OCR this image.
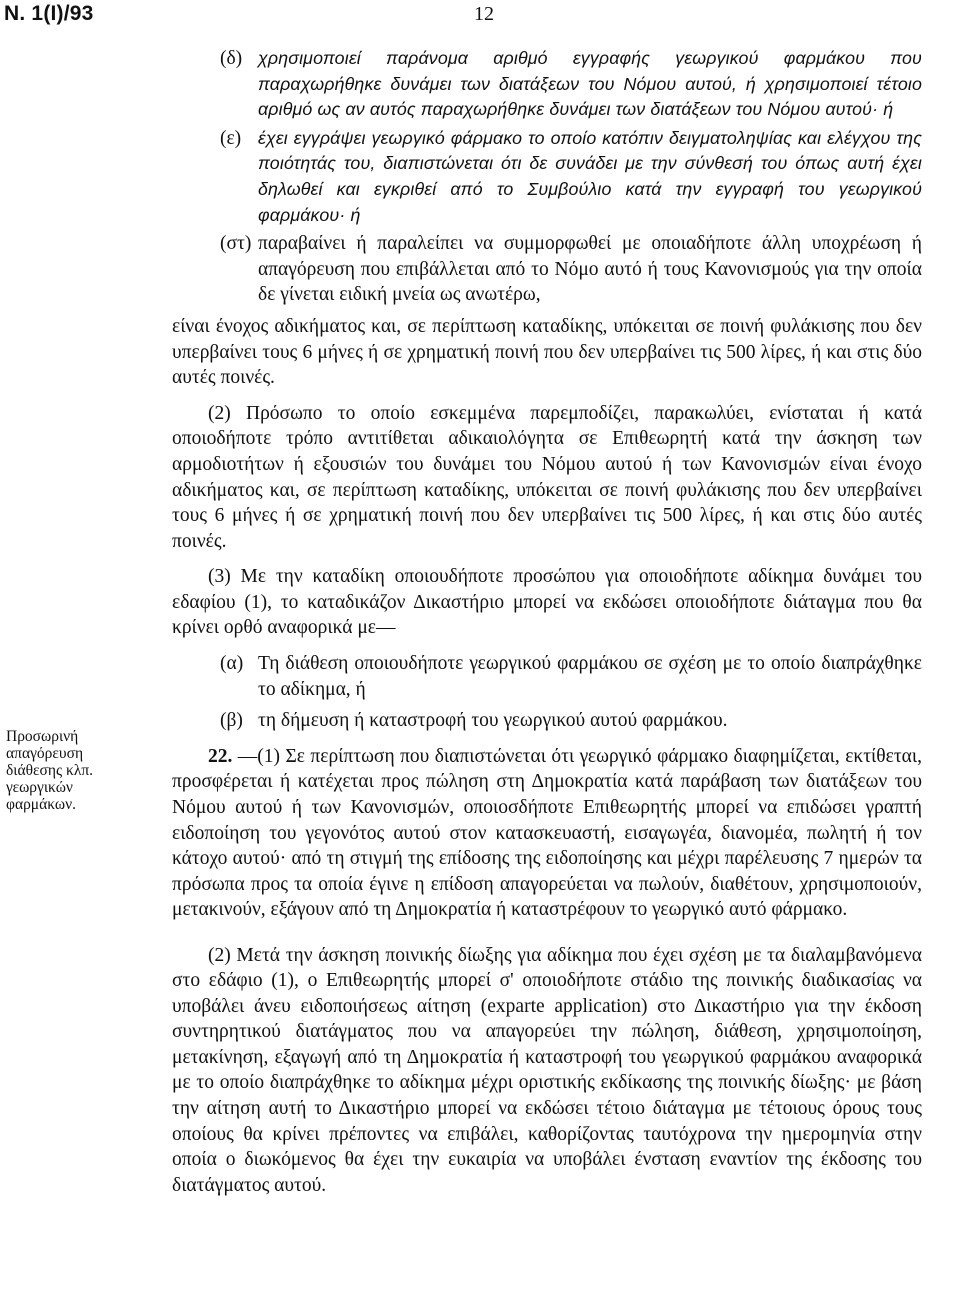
N. 1(I)/93	12
Προσωρινή
απαγόρευση
διάθεσης κλπ.
γεωργικών
φαρμάκων.
(δ) χρησιμοποιεί παράνομα αριθμό εγγραφής γεωργικού φαρμάκου που παραχωρήθηκε δυνάμει των διατάξεων του Νόμου αυτού, ή χρησιμοποιεί τέτοιο αριθμό ως αν αυτός παραχωρήθηκε δυνάμει των διατάξεων του Νόμου αυτού· ή
(ε) έχει εγγράψει γεωργικό φάρμακο το οποίο κατόπιν δειγματοληψίας και ελέγχου της ποιότητάς του, διαπιστώνεται ότι δε συνάδει με την σύνθεσή του όπως αυτή έχει δηλωθεί και εγκριθεί από το Συμβούλιο κατά την εγγραφή του γεωργικού φαρμάκου· ή
(στ) παραβαίνει ή παραλείπει να συμμορφωθεί με οποιαδήποτε άλλη υποχρέωση ή απαγόρευση που επιβάλλεται από το Νόμο αυτό ή τους Κανονισμούς για την οποία δε γίνεται ειδική μνεία ως ανωτέρω,

είναι ένοχος αδικήματος και, σε περίπτωση καταδίκης, υπόκειται σε ποινή φυλάκισης που δεν υπερβαίνει τους 6 μήνες ή σε χρηματική ποινή που δεν υπερβαίνει τις 500 λίρες, ή και στις δύο αυτές ποινές.

(2) Πρόσωπο το οποίο εσκεμμένα παρεμποδίζει, παρακωλύει, ενίσταται ή κατά οποιοδήποτε τρόπο αντιτίθεται αδικαιολόγητα σε Επιθεωρητή κατά την άσκηση των αρμοδιοτήτων ή εξουσιών του δυνάμει του Νόμου αυτού ή των Κανονισμών είναι ένοχο αδικήματος και, σε περίπτωση καταδίκης, υπόκειται σε ποινή φυλάκισης που δεν υπερβαίνει τους 6 μήνες ή σε χρηματική ποινή που δεν υπερβαίνει τις 500 λίρες, ή και στις δύο αυτές ποινές.

(3) Με την καταδίκη οποιουδήποτε προσώπου για οποιοδήποτε αδίκημα δυνάμει του εδαφίου (1), το καταδικάζον Δικαστήριο μπορεί να εκδώσει οποιοδήποτε διάταγμα που θα κρίνει ορθό αναφορικά με—

(α) Τη διάθεση οποιουδήποτε γεωργικού φαρμάκου σε σχέση με το οποίο διαπράχθηκε το αδίκημα, ή
(β) τη δήμευση ή καταστροφή του γεωργικού αυτού φαρμάκου.

22. —(1) Σε περίπτωση που διαπιστώνεται ότι γεωργικό φάρμακο διαφημίζεται, εκτίθεται, προσφέρεται ή κατέχεται προς πώληση στη Δημοκρατία κατά παράβαση των διατάξεων του Νόμου αυτού ή των Κανονισμών, οποιοσδήποτε Επιθεωρητής μπορεί να επιδώσει γραπτή ειδοποίηση του γεγονότος αυτού στον κατασκευαστή, εισαγωγέα, διανομέα, πωλητή ή τον κάτοχο αυτού· από τη στιγμή της επίδοσης της ειδοποίησης και μέχρι παρέλευσης 7 ημερών τα πρόσωπα προς τα οποία έγινε η επίδοση απαγορεύεται να πωλούν, διαθέτουν, χρησιμοποιούν, μετακινούν, εξάγουν από τη Δημοκρατία ή καταστρέφουν το γεωργικό αυτό φάρμακο.

(2) Μετά την άσκηση ποινικής δίωξης για αδίκημα που έχει σχέση με τα διαλαμβανόμενα στο εδάφιο (1), ο Επιθεωρητής μπορεί σ' οποιοδήποτε στάδιο της ποινικής διαδικασίας να υποβάλει άνευ ειδοποιήσεως αίτηση (exparte application) στο Δικαστήριο για την έκδοση συντηρητικού διατάγματος που να απαγορεύει την πώληση, διάθεση, χρησιμοποίηση, μετακίνηση, εξαγωγή από τη Δημοκρατία ή καταστροφή του γεωργικού φαρμάκου αναφορικά με το οποίο διαπράχθηκε το αδίκημα μέχρι οριστικής εκδίκασης της ποινικής δίωξης· με βάση την αίτηση αυτή το Δικαστήριο μπορεί να εκδώσει τέτοιο διάταγμα με τέτοιους όρους τους οποίους θα κρίνει πρέποντες να επιβάλει, καθορίζοντας ταυτόχρονα την ημερομηνία στην οποία ο διωκόμενος θα έχει την ευκαιρία να υποβάλει ένσταση εναντίον της έκδοσης του διατάγματος αυτού.
